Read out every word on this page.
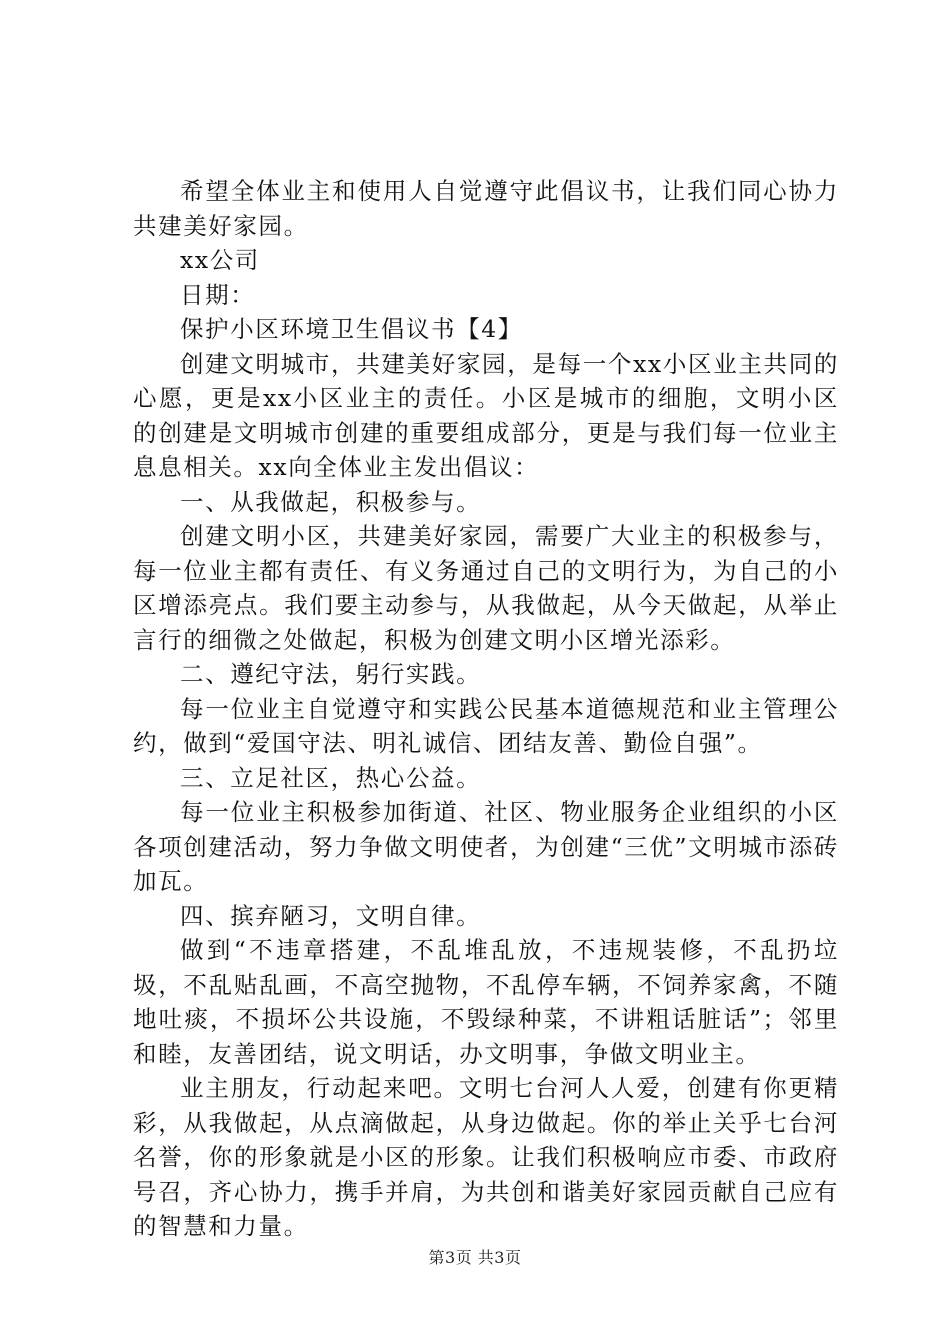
希望全体业主和使用人自觉遵守此倡议书，让我们同心协力共建美好家园。

xx公司

日期：

保护小区环境卫生倡议书【4】

创建文明城市，共建美好家园，是每一个xx小区业主共同的心愿，更是xx小区业主的责任。小区是城市的细胞，文明小区的创建是文明城市创建的重要组成部分，更是与我们每一位业主息息相关。xx向全体业主发出倡议：

一、从我做起，积极参与。

创建文明小区，共建美好家园，需要广大业主的积极参与，每一位业主都有责任、有义务通过自己的文明行为，为自己的小区增添亮点。我们要主动参与，从我做起，从今天做起，从举止言行的细微之处做起，积极为创建文明小区增光添彩。

二、遵纪守法，躬行实践。

每一位业主自觉遵守和实践公民基本道德规范和业主管理公约，做到“爱国守法、明礼诚信、团结友善、勤俭自强”。

三、立足社区，热心公益。

每一位业主积极参加街道、社区、物业服务企业组织的小区各项创建活动，努力争做文明使者，为创建“三优”文明城市添砖加瓦。

四、摈弃陋习，文明自律。

做到“不违章搭建，不乱堆乱放，不违规装修，不乱扔垃圾，不乱贴乱画，不高空抛物，不乱停车辆，不饲养家禽，不随地吐痰，不损坏公共设施，不毁绿种菜，不讲粗话脏话”；邻里和睦，友善团结，说文明话，办文明事，争做文明业主。

业主朋友，行动起来吧。文明七台河人人爱，创建有你更精彩，从我做起，从点滴做起，从身边做起。你的举止关乎七台河名誉，你的形象就是小区的形象。让我们积极响应市委、市政府号召，齐心协力，携手并肩，为共创和谐美好家园贡献自己应有的智慧和力量。

第3页 共3页
